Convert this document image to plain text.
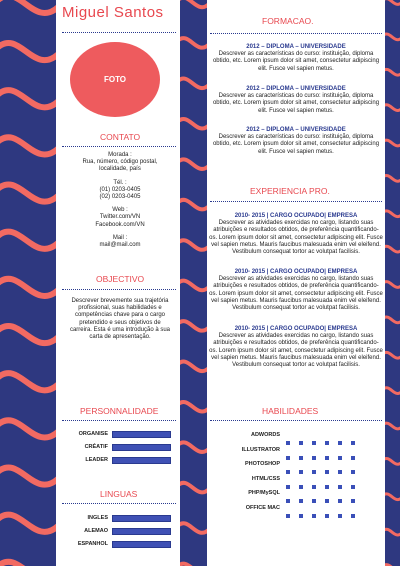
Miguel Santos
FOTO
CONTATO
Morada :
Rua, número, código postal,
localidade, país
Tél. :
(01) 0203-0405
(02) 0203-0405
Web :
Twitter.com/VN
Facebook.com/VN
Mail :
mail@mail.com
OBJECTIVO
Descrever brevemente sua trajetória
profissional, suas habilidades e
competências chave para o cargo
pretendido e seus objetivos de
carreira. Esta é uma introdução à sua
carta de apresentação.
PERSONNALIDADE
ORGANISE
CRÉATIF
LEADER
LINGUAS
INGLES
ALEMAO
ESPANHOL
FORMACAO.
2012 – DIPLOMA – UNIVERSIDADE
Descrever as características do curso: instituição, diploma
obtido, etc. Lorem ipsum dolor sit amet, consectetur adipiscing
elit. Fusce vel sapien metus.
2012 – DIPLOMA – UNIVERSIDADE
Descrever as características do curso: instituição, diploma
obtido, etc. Lorem ipsum dolor sit amet, consectetur adipiscing
elit. Fusce vel sapien metus.
2012 – DIPLOMA – UNIVERSIDADE
Descrever as características do curso: instituição, diploma
obtido, etc. Lorem ipsum dolor sit amet, consectetur adipiscing
elit. Fusce vel sapien metus.
EXPERIENCIA PRO.
2010- 2015 | CARGO OCUPADO| EMPRESA
Descrever as atividades exercidas no cargo, listando suas
atribuições e resultados obtidos, de preferência quantificando-
os. Lorem ipsum dolor sit amet, consectetur adipiscing elit. Fusce
vel sapien metus. Mauris faucibus malesuada enim vel eleifend.
Vestibulum consequat tortor ac volutpat facilisis.
2010- 2015 | CARGO OCUPADO| EMPRESA
Descrever as atividades exercidas no cargo, listando suas
atribuições e resultados obtidos, de preferência quantificando-
os. Lorem ipsum dolor sit amet, consectetur adipiscing elit. Fusce
vel sapien metus. Mauris faucibus malesuada enim vel eleifend.
Vestibulum consequat tortor ac volutpat facilisis.
2010- 2015 | CARGO OCUPADO| EMPRESA
Descrever as atividades exercidas no cargo, listando suas
atribuições e resultados obtidos, de preferência quantificando-
os. Lorem ipsum dolor sit amet, consectetur adipiscing elit. Fusce
vel sapien metus. Mauris faucibus malesuada enim vel eleifend.
Vestibulum consequat tortor ac volutpat facilisis.
HABILIDADES
ADWORDS
ILLUSTRATOR
PHOTOSHOP
HTML/CSS
PHP/MySQL
OFFICE MAC
